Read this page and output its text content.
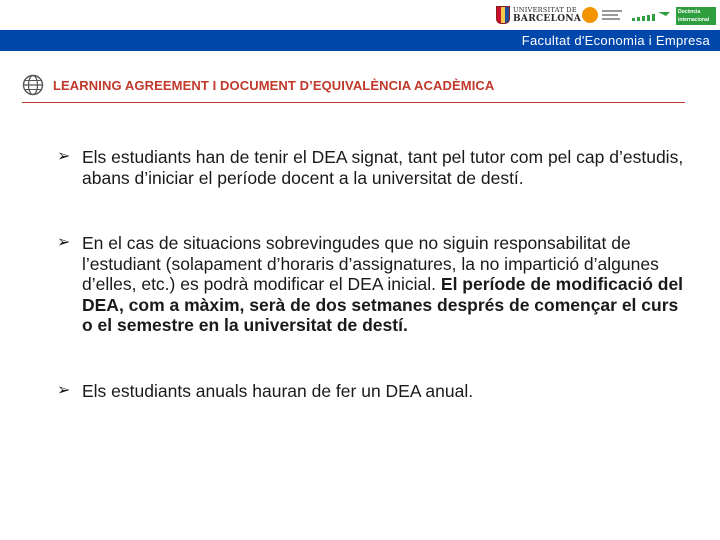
UNIVERSITAT DE
BARCELONA
Docència internacional
Facultat d'Economia i Empresa
LEARNING AGREEMENT I DOCUMENT D’EQUIVALÈNCIA ACADÈMICA
➢ Els estudiants han de tenir el DEA signat, tant pel tutor com pel cap d’estudis, abans d’iniciar el període docent a la universitat de destí.
➢ En el cas de situacions sobrevingudes que no siguin responsabilitat de l’estudiant (solapament d’horaris d’assignatures, la no impartició d’algunes d’elles, etc.) es podrà modificar el DEA inicial. El període de modificació del DEA, com a màxim, serà de dos setmanes després de començar el curs o el semestre en la universitat de destí.
➢ Els estudiants anuals hauran de fer un DEA anual.
